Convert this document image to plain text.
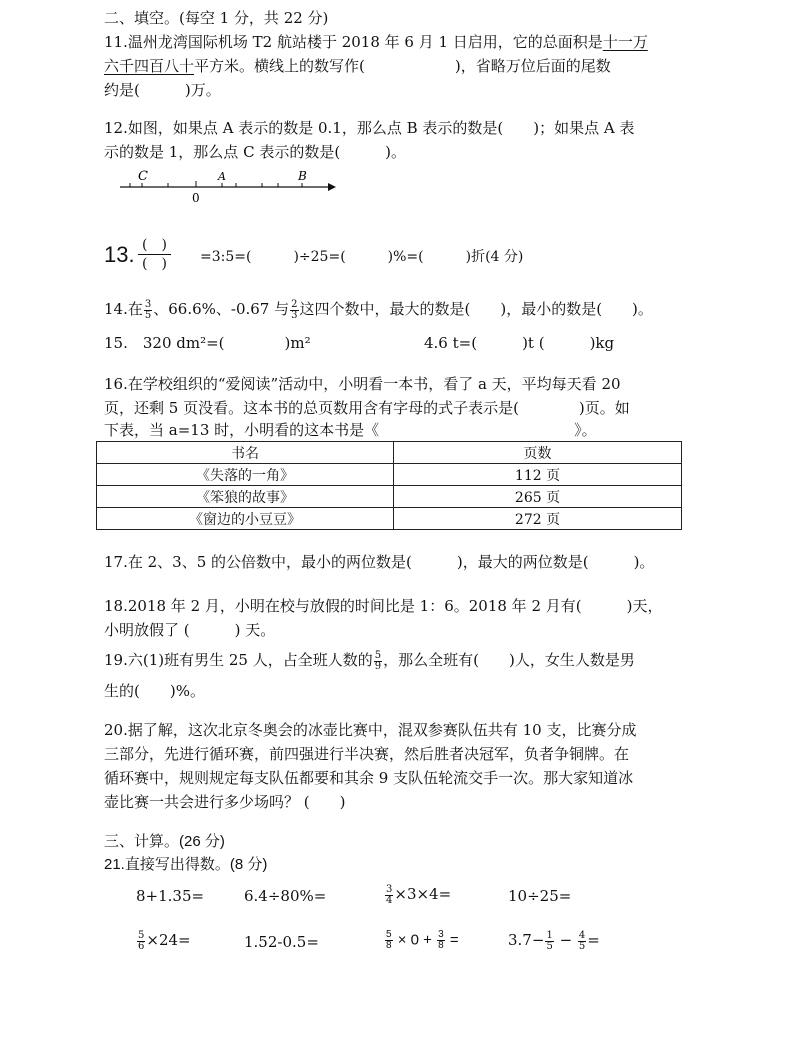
二、填空。(每空 1 分，共 22 分)
11.温州龙湾国际机场 T2 航站楼于 2018 年 6 月 1 日启用，它的总面积是十一万
六千四百八十平方米。横线上的数写作(　　　　　　)，省略万位后面的尾数
约是(　　　)万。
12.如图，如果点 A 表示的数是 0.1，那么点 B 表示的数是(　　)；如果点 A 表
示的数是 1，那么点 C 表示的数是(　　　)。
C	A	B
0
13. (　)
(　) =3:5=(　　　)÷25=(　　　)%=(　　　)折(4 分)
14.在 $\frac{3}{5}$ 、66.6%、-0.67 与 $\frac{2}{3}$ 这四个数中，最大的数是(　　)，最小的数是(　　)。
15.　320 dm²=(　　　　)m²	4.6 t=(　　　)t (　　　)kg
16.在学校组织的“爱阅读”活动中，小明看一本书，看了 a 天，平均每天看 20
页，还剩 5 页没看。这本书的总页数用含有字母的式子表示是(　　　　)页。如
下表，当 a=13 时，小明看的这本书是《　　　　　　　　　　　　　》。
书名	页数
《失落的一角》	112 页
《笨狼的故事》	265 页
《窗边的小豆豆》	272 页
17.在 2、3、5 的公倍数中，最小的两位数是(　　　)，最大的两位数是(　　　)。
18.2018 年 2 月，小明在校与放假的时间比是 1：6。2018 年 2 月有(　　　)天，
小明放假了 (　　　) 天。
19.六(1)班有男生 25 人，占全班人数的 $\frac{5}{9}$ ，那么全班有(　　)人，女生人数是男
生的(　　)%。
20.据了解，这次北京冬奥会的冰壶比赛中，混双参赛队伍共有 10 支，比赛分成
三部分，先进行循环赛，前四强进行半决赛，然后胜者决冠军，负者争铜牌。在
循环赛中，规则规定每支队伍都要和其余 9 支队伍轮流交手一次。那大家知道冰
壶比赛一共会进行多少场吗？ (　　)
三、计算。(26 分)
21.直接写出得数。(8 分)
8+1.35=	6.4÷80%=	$\frac{3}{4} \times 3\times 4=$	10÷25=
$\frac{5}{6} \times 24=$	1.52-0.5=	$\frac{5}{8} \times 0 + \frac{3}{8}$ =	$3.7- \frac{1}{5} - \frac{4}{5}$ =
